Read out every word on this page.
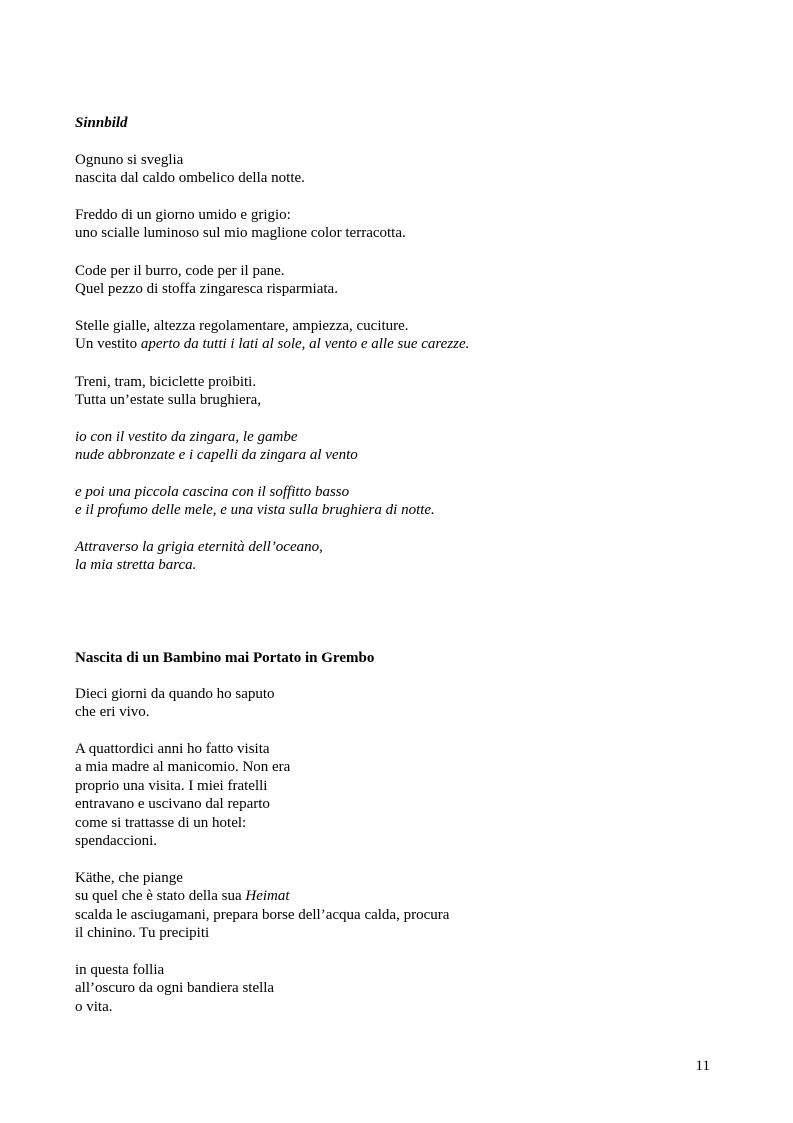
Sinnbild
Ognuno si sveglia
nascita dal caldo ombelico della notte.
Freddo di un giorno umido e grigio:
uno scialle luminoso sul mio maglione color terracotta.
Code per il burro, code per il pane.
Quel pezzo di stoffa zingaresca risparmiata.
Stelle gialle, altezza regolamentare, ampiezza, cuciture.
Un vestito aperto da tutti i lati al sole, al vento e alle sue carezze.
Treni, tram, biciclette proibiti.
Tutta un’estate sulla brughiera,
io con il vestito da zingara, le gambe
nude abbronzate e i capelli da zingara al vento
e poi una piccola cascina con il soffitto basso
e il profumo delle mele, e una vista sulla brughiera di notte.
Attraverso la grigia eternità dell’oceano,
la mia stretta barca.
Nascita di un Bambino mai Portato in Grembo
Dieci giorni da quando ho saputo
che eri vivo.
A quattordici anni ho fatto visita
a mia madre al manicomio. Non era
proprio una visita. I miei fratelli
entravano e uscivano dal reparto
come si trattasse di un hotel:
spendaccioni.
Käthe, che piange
su quel che è stato della sua Heimat
scalda le asciugamani, prepara borse dell’acqua calda, procura
il chinino. Tu precipiti
in questa follia
all’oscuro da ogni bandiera stella
o vita.
11
